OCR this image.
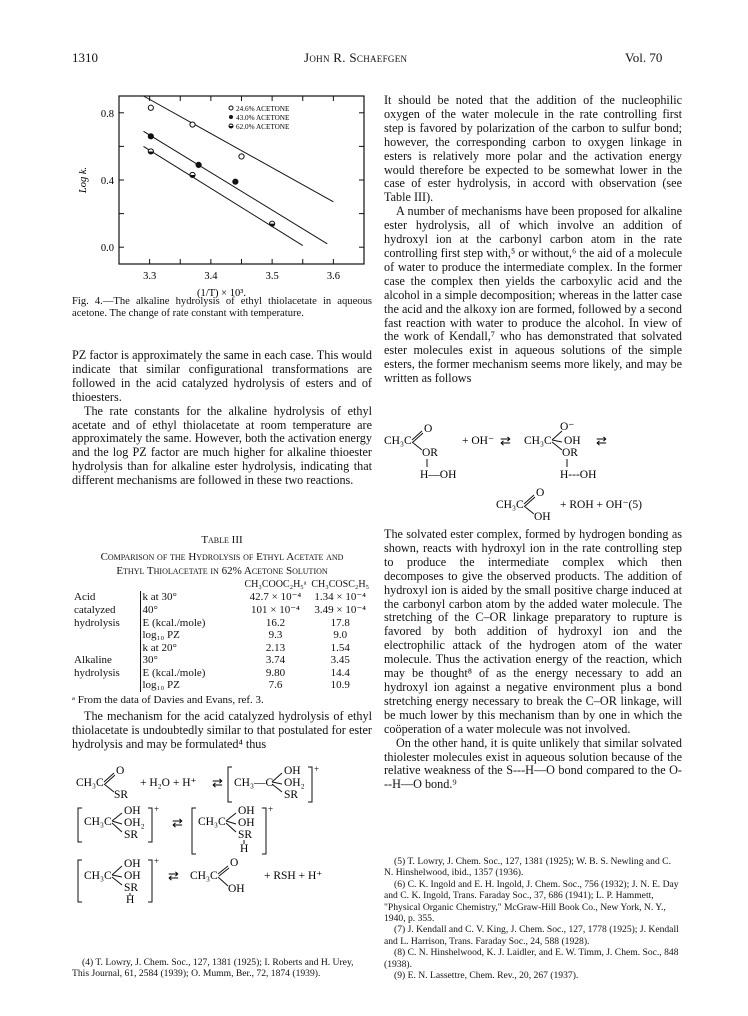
1310	John R. Schaefgen	Vol. 70
3.3	3.4	3.5	3.6
0.0
0.4
0.8
(1/T) × 10³.
Log k.
24.6% ACETONE
43.0% ACETONE
62.0% ACETONE
Fig. 4.—The alkaline hydrolysis of ethyl thiolacetate in aqueous acetone. The change of rate constant with temperature.

PZ factor is approximately the same in each case. This would indicate that similar configurational transformations are followed in the acid catalyzed hydrolysis of esters and of thioesters.

The rate constants for the alkaline hydrolysis of ethyl acetate and of ethyl thiolacetate at room temperature are approximately the same. However, both the activation energy and the log PZ factor are much higher for alkaline thioester hydrolysis than for alkaline ester hydrolysis, indicating that different mechanisms are followed in these two reactions.

Table III
Comparison of the Hydrolysis of Ethyl Acetate and
Ethyl Thiolacetate in 62% Acetone Solution
		CH₃COOC₂H₅ᵃ	CH₃COSC₂H₅
Acid	k at 30°	42.7 × 10⁻⁴	1.34 × 10⁻⁴
catalyzed	40°	101 × 10⁻⁴	3.49 × 10⁻⁴
hydrolysis	E (kcal./mole)	16.2	17.8
	log₁₀ PZ	9.3	9.0
	k at 20°	2.13	1.54
Alkaline	30°	3.74	3.45
hydrolysis	E (kcal./mole)	9.80	14.4
	log₁₀ PZ	7.6	10.9
ᵃ From the data of Davies and Evans, ref. 3.

The mechanism for the acid catalyzed hydrolysis of ethyl thiolacetate is undoubtedly similar to that postulated for ester hydrolysis and may be formulated⁴ thus

CH₃C
O
SR
+ H₂O + H⁺ ⇄ CH₃—C
OH
OH₂
SR
+
CH₃C
OH
OH₂
SR
+
⇄ CH₃C
OH
OH
SR
H
+
CH₃C
OH
OH
SR
H
+
⇄ CH₃C
O
OH
+ RSH + H⁺
(4) T. Lowry, J. Chem. Soc., 127, 1381 (1925); I. Roberts and H. Urey, This Journal, 61, 2584 (1939); O. Mumm, Ber., 72, 1874 (1939).

It should be noted that the addition of the nucleophilic oxygen of the water molecule in the rate controlling first step is favored by polarization of the carbon to sulfur bond; however, the corresponding carbon to oxygen linkage in esters is relatively more polar and the activation energy would therefore be expected to be somewhat lower in the case of ester hydrolysis, in accord with observation (see Table III).

A number of mechanisms have been proposed for alkaline ester hydrolysis, all of which involve an addition of hydroxyl ion at the carbonyl carbon atom in the rate controlling first step with,⁵ or without,⁶ the aid of a molecule of water to produce the intermediate complex. In the former case the complex then yields the carboxylic acid and the alcohol in a simple decomposition; whereas in the latter case the acid and the alkoxy ion are formed, followed by a second fast reaction with water to produce the alcohol. In view of the work of Kendall,⁷ who has demonstrated that solvated ester molecules exist in aqueous solutions of the simple esters, the former mechanism seems more likely, and may be written as follows

CH₃C
O
OR
H—OH
+ OH⁻ ⇄ CH₃C
O⁻
OH
OR
H---OH
⇄
CH₃C
O
OH
+ ROH + OH⁻(5)

The solvated ester complex, formed by hydrogen bonding as shown, reacts with hydroxyl ion in the rate controlling step to produce the intermediate complex which then decomposes to give the observed products. The addition of hydroxyl ion is aided by the small positive charge induced at the carbonyl carbon atom by the added water molecule. The stretching of the C–OR linkage preparatory to rupture is favored by both addition of hydroxyl ion and the electrophilic attack of the hydrogen atom of the water molecule. Thus the activation energy of the reaction, which may be thought⁸ of as the energy necessary to add an hydroxyl ion against a negative environment plus a bond stretching energy necessary to break the C–OR linkage, will be much lower by this mechanism than by one in which the coöperation of a water molecule was not involved.

On the other hand, it is quite unlikely that similar solvated thiolester molecules exist in aqueous solution because of the relative weakness of the S---H—O bond compared to the O---H—O bond.⁹

(5) T. Lowry, J. Chem. Soc., 127, 1381 (1925); W. B. S. Newling and C. N. Hinshelwood, ibid., 1357 (1936).
(6) C. K. Ingold and E. H. Ingold, J. Chem. Soc., 756 (1932); J. N. E. Day and C. K. Ingold, Trans. Faraday Soc., 37, 686 (1941); L. P. Hammett, "Physical Organic Chemistry," McGraw-Hill Book Co., New York, N. Y., 1940, p. 355.
(7) J. Kendall and C. V. King, J. Chem. Soc., 127, 1778 (1925); J. Kendall and L. Harrison, Trans. Faraday Soc., 24, 588 (1928).
(8) C. N. Hinshelwood, K. J. Laidler, and E. W. Timm, J. Chem. Soc., 848 (1938).
(9) E. N. Lassettre, Chem. Rev., 20, 267 (1937).
